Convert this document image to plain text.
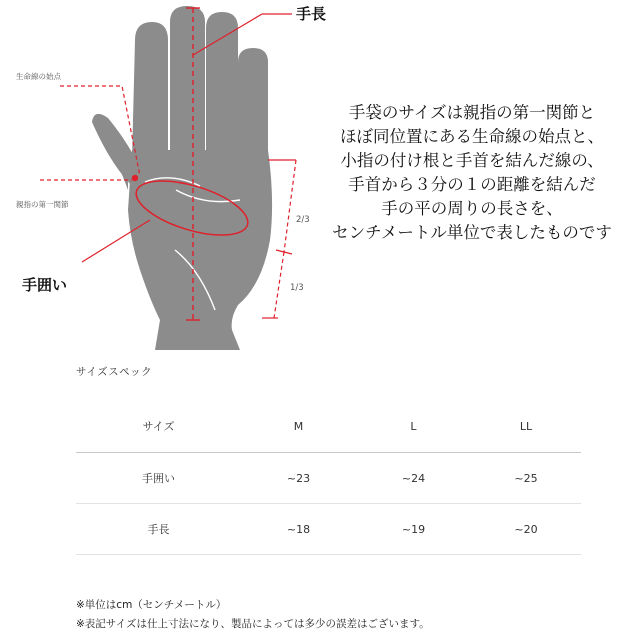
手長
手囲い
生命線の始点
親指の第一関節
2/3
1/3
手袋のサイズは親指の第一関節と
ほぼ同位置にある生命線の始点と、
小指の付け根と手首を結んだ線の、
手首から３分の１の距離を結んだ
手の平の周りの長さを、
センチメートル単位で表したものです
サイズスペック
サイズ	M	L	LL
手囲い	~23	~24	~25
手長	~18	~19	~20
※単位はcm（センチメートル）
※表記サイズは仕上寸法になり、製品によっては多少の誤差はございます。
